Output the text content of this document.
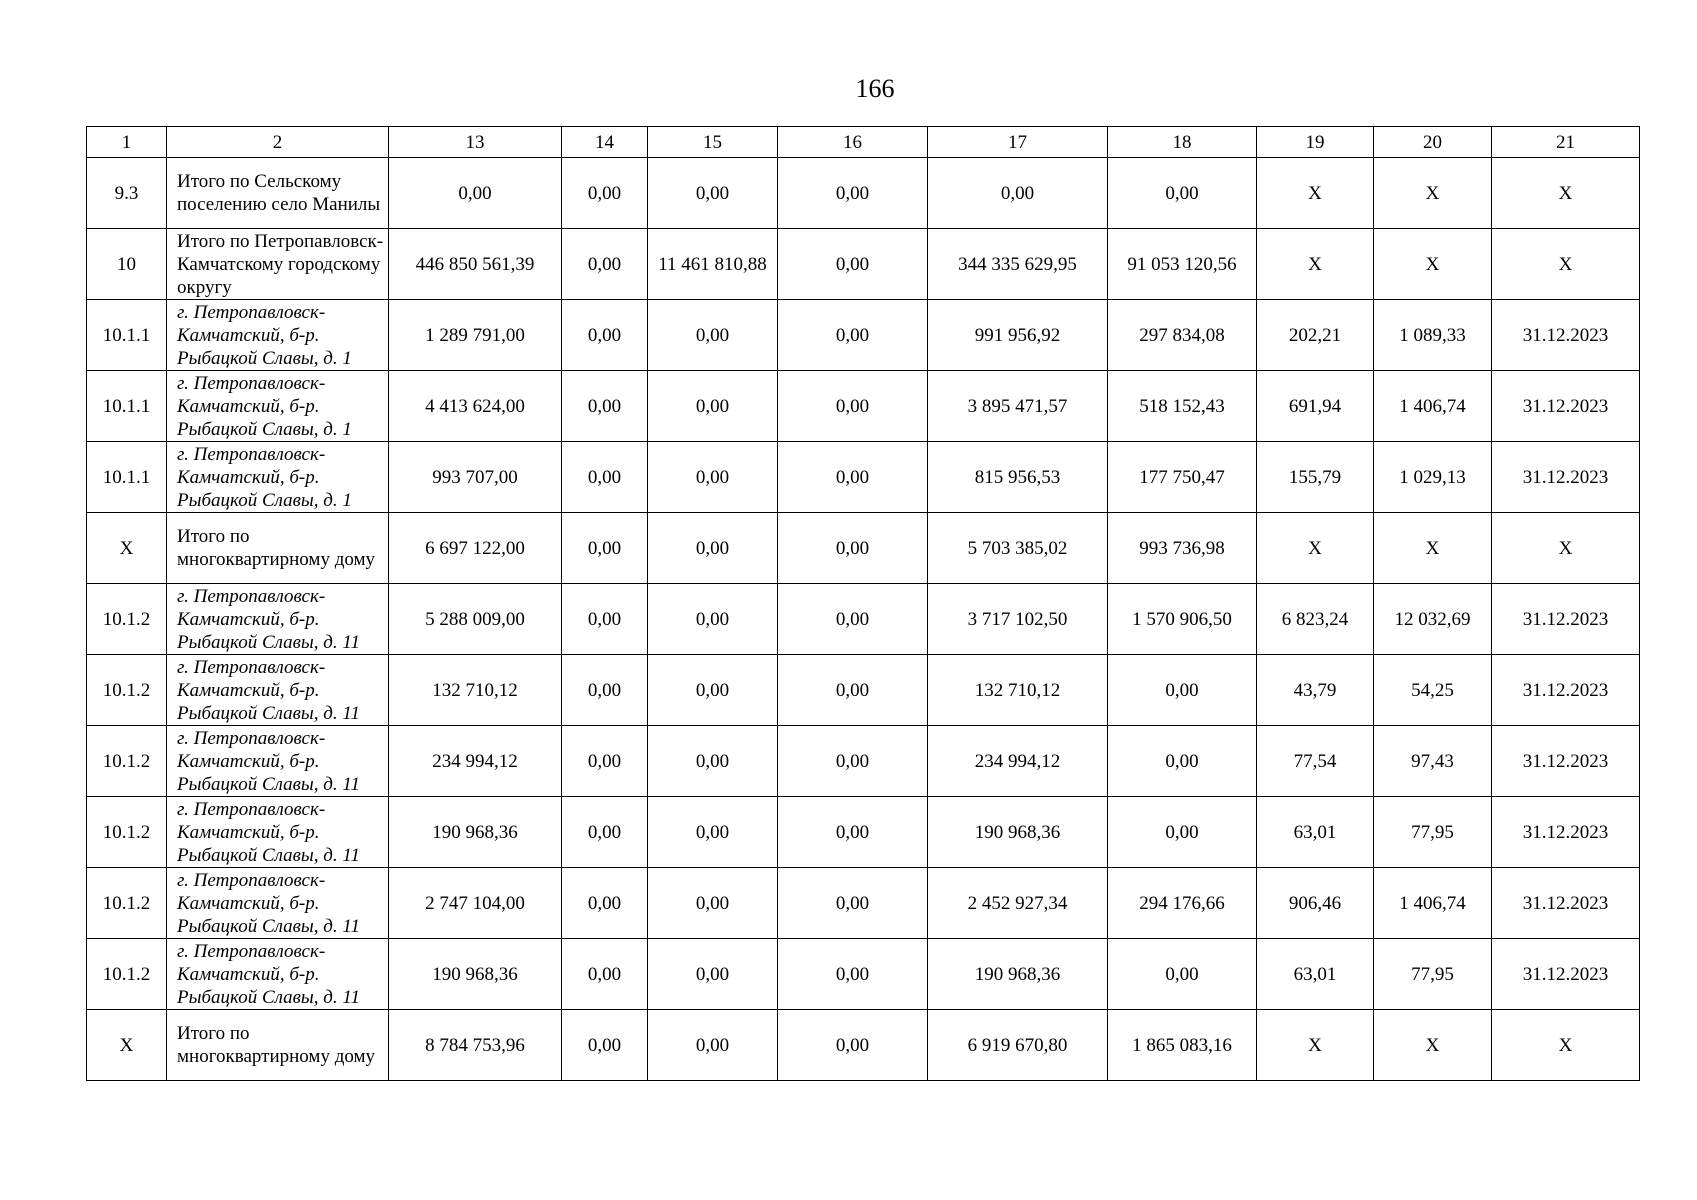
166
1	2	13	14	15	16	17	18	19	20	21
9.3	Итого по Сельскому поселению село Манилы	0,00	0,00	0,00	0,00	0,00	0,00	X	X	X
10	Итого по Петропавловск-Камчатскому городскому округу	446 850 561,39	0,00	11 461 810,88	0,00	344 335 629,95	91 053 120,56	X	X	X
10.1.1	г. Петропавловск-Камчатский, б-р. Рыбацкой Славы, д. 1	1 289 791,00	0,00	0,00	0,00	991 956,92	297 834,08	202,21	1 089,33	31.12.2023
10.1.1	г. Петропавловск-Камчатский, б-р. Рыбацкой Славы, д. 1	4 413 624,00	0,00	0,00	0,00	3 895 471,57	518 152,43	691,94	1 406,74	31.12.2023
10.1.1	г. Петропавловск-Камчатский, б-р. Рыбацкой Славы, д. 1	993 707,00	0,00	0,00	0,00	815 956,53	177 750,47	155,79	1 029,13	31.12.2023
X	Итого по многоквартирному дому	6 697 122,00	0,00	0,00	0,00	5 703 385,02	993 736,98	X	X	X
10.1.2	г. Петропавловск-Камчатский, б-р. Рыбацкой Славы, д. 11	5 288 009,00	0,00	0,00	0,00	3 717 102,50	1 570 906,50	6 823,24	12 032,69	31.12.2023
10.1.2	г. Петропавловск-Камчатский, б-р. Рыбацкой Славы, д. 11	132 710,12	0,00	0,00	0,00	132 710,12	0,00	43,79	54,25	31.12.2023
10.1.2	г. Петропавловск-Камчатский, б-р. Рыбацкой Славы, д. 11	234 994,12	0,00	0,00	0,00	234 994,12	0,00	77,54	97,43	31.12.2023
10.1.2	г. Петропавловск-Камчатский, б-р. Рыбацкой Славы, д. 11	190 968,36	0,00	0,00	0,00	190 968,36	0,00	63,01	77,95	31.12.2023
10.1.2	г. Петропавловск-Камчатский, б-р. Рыбацкой Славы, д. 11	2 747 104,00	0,00	0,00	0,00	2 452 927,34	294 176,66	906,46	1 406,74	31.12.2023
10.1.2	г. Петропавловск-Камчатский, б-р. Рыбацкой Славы, д. 11	190 968,36	0,00	0,00	0,00	190 968,36	0,00	63,01	77,95	31.12.2023
X	Итого по многоквартирному дому	8 784 753,96	0,00	0,00	0,00	6 919 670,80	1 865 083,16	X	X	X
